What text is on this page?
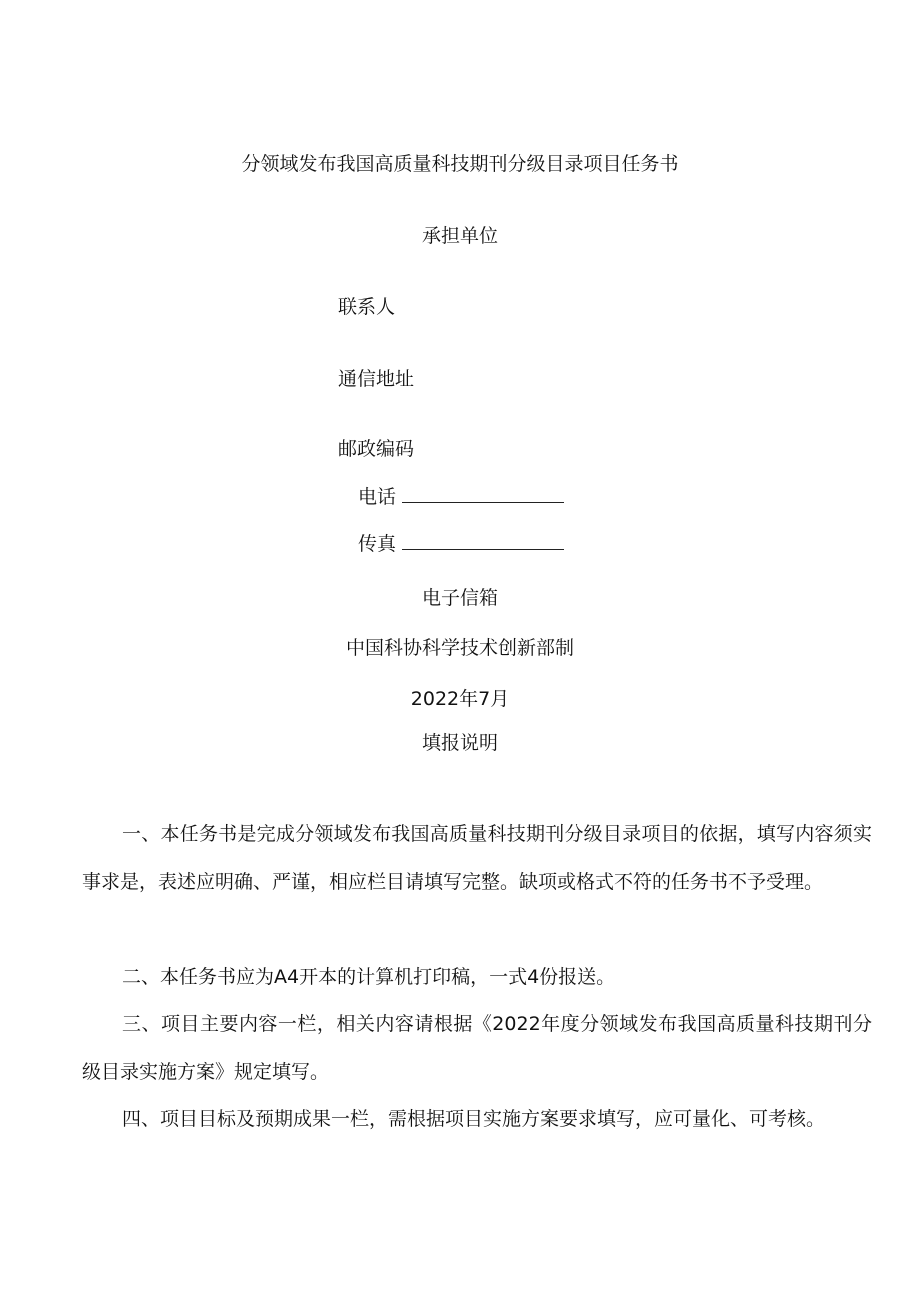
分领域发布我国高质量科技期刊分级目录项目任务书
承担单位
联系人
通信地址
邮政编码
电话
传真
电子信箱
中国科协科学技术创新部制
2022年7月
填报说明
一、本任务书是完成分领域发布我国高质量科技期刊分级目录项目的依据，填写内容须实事求是，表述应明确、严谨，相应栏目请填写完整。缺项或格式不符的任务书不予受理。
二、本任务书应为A4开本的计算机打印稿，一式4份报送。
三、项目主要内容一栏，相关内容请根据《2022年度分领域发布我国高质量科技期刊分级目录实施方案》规定填写。
四、项目目标及预期成果一栏，需根据项目实施方案要求填写，应可量化、可考核。
